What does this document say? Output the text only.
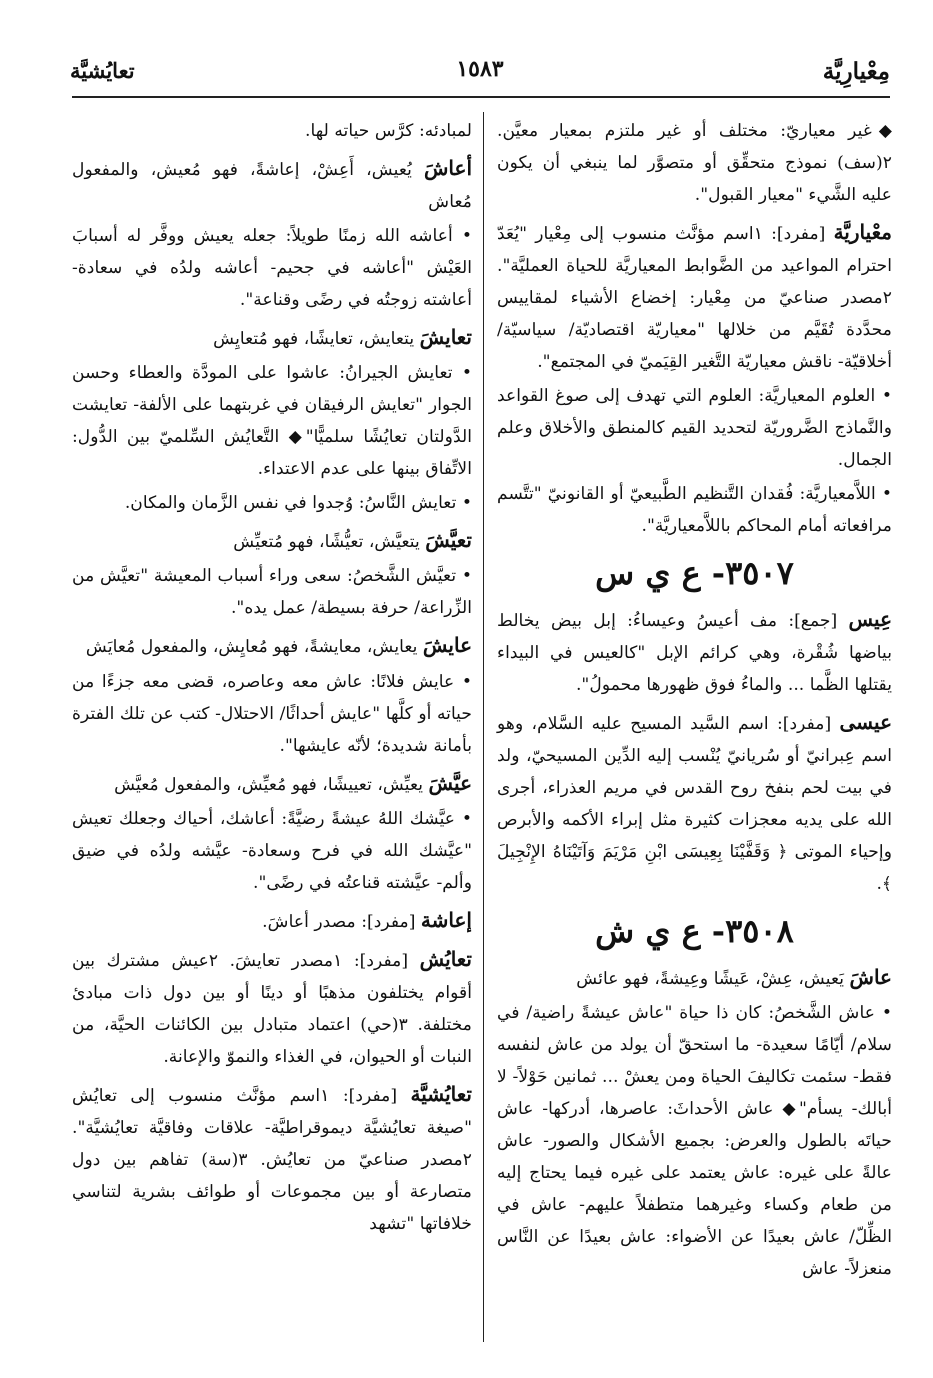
مِعْيارِيَّة
١٥٨٣
تعايُشيَّة
◆غير معياريّ: مختلف أو غير ملتزم بمعيار معيَّن. ٢(سف) نموذج متحقِّق أو متصوَّر لما ينبغي أن يكون عليه الشَّيء "معيار القبول".
معْياريَّة [مفرد]: ١اسم مؤنَّث منسوب إلى مِعْيار "يُعَدّ احترام المواعيد من الضَّوابط المعياريَّة للحياة العمليَّة". ٢مصدر صناعيّ من مِعْيار: إخضاع الأشياء لمقاييس محدَّدة تُقَيَّم من خلالها "معياريّة اقتصاديّة/ سياسيّة/ أخلاقيّة- ناقش معياريّة التَّغير القِيَميّ في المجتمع".
• العلوم المعياريَّة: العلوم التي تهدف إلى صوغ القواعد والنَّماذج الضَّروريّة لتحديد القيم كالمنطق والأخلاق وعلم الجمال.
• اللاَّمعياريَّة: فُقدان التَّنظيم الطَّبيعيّ أو القانونيّ "تتَّسم مرافعاته أمام المحاكم باللاَّمعياريَّة".
٣٥٠٧- ع ي س
عِيس [جمع]: مف أعيسُ وعيساءُ: إبل بيض يخالط بياضها شُقْرة، وهي كرائم الإبل "كالعيس في البيداء يقتلها الظَّما ... والماءُ فوق ظهورها محمولُ".
عيسى [مفرد]: اسم السَّيد المسيح عليه السَّلام، وهو اسم عِبرانيّ أو سُريانيّ يُنْسب إليه الدِّين المسيحيّ، ولد في بيت لحم بنفخ روح القدس في مريم العذراء، أجرى الله على يديه معجزات كثيرة مثل إبراء الأكمه والأبرص وإحياء الموتى ﴿ وَقَفَّيْنَا بِعِيسَى ابْنِ مَرْيَمَ وَآتَيْنَاهُ الإِنْجِيلَ ﴾.
٣٥٠٨- ع ي ش
عاشَ يَعيش، عِشْ، عَيشًا وعِيشةً، فهو عائش
• عاش الشَّخصُ: كان ذا حياة "عاش عيشةً راضية/ في سلام/ أيّامًا سعيدة- ما استحقّ أن يولد من عاش لنفسه فقط- سئمت تكاليفَ الحياة ومن يعشْ ... ثمانين حَوْلاً- لا أبالك- يسأم"◆ عاش الأحداثَ: عاصرها، أدركها- عاش حياتَه بالطول والعرض: بجميع الأشكال والصور- عاش عالةً على غيره: عاش يعتمد على غيره فيما يحتاج إليه من طعام وكساء وغيرهما متطفلاً عليهم- عاش في الظِّلّ/ عاش بعيدًا عن الأضواء: عاش بعيدًا عن النَّاس منعزلاً- عاش
لمبادئه: كرَّس حياته لها.
أعاشَ يُعيش، أَعِشْ، إعاشةً، فهو مُعيش، والمفعول مُعاش
• أعاشه الله زمنًا طويلاً: جعله يعيش ووفَّر له أسبابَ العَيْش "أعاشه في جحيم- أعاشه ولدُه في سعادة- أعاشته زوجتُه في رضًى وقناعة".
تعايشَ يتعايش، تعايشًا، فهو مُتعايِش
• تعايش الجيرانُ: عاشوا على المودَّة والعطاء وحسن الجوار "تعايش الرفيقان في غربتهما على الألفة- تعايشت الدَّولتان تعايُشًا سلميًّا"◆ التَّعايُش السِّلميّ بين الدُّول: الاتِّفاق بينها على عدم الاعتداء.
• تعايش النَّاسُ: وُجدوا في نفس الزَّمان والمكان.
تعيَّشَ يتعيَّش، تعيُّشًا، فهو مُتعيِّش
• تعيَّش الشَّخصُ: سعى وراء أسباب المعيشة "تعيَّش من الزِّراعة/ حرفة بسيطة/ عمل يده".
عايشَ يعايش، معايشةً، فهو مُعايِش، والمفعول مُعايَش
• عايش فلانًا: عاش معه وعاصره، قضى معه جزءًا من حياته أو كلَّها "عايش أحداثًا/ الاحتلال- كتب عن تلك الفترة بأمانة شديدة؛ لأنّه عايشها".
عيَّشَ يعيِّش، تعييشًا، فهو مُعيِّش، والمفعول مُعيَّش
• عيَّشك اللهُ عيشةً رضيَّةً: أعاشك، أحياك وجعلك تعيش "عيَّشك الله في فرح وسعادة- عيَّشه ولدُه في ضيق وألم- عيَّشته قناعتُه في رضًى".
إعاشة [مفرد]: مصدر أعاشَ.
تعايُش [مفرد]: ١مصدر تعايشَ. ٢عيش مشترك بين أقوام يختلفون مذهبًا أو دينًا أو بين دول ذات مبادئ مختلفة. ٣(حي) اعتماد متبادل بين الكائنات الحيَّة، من النبات أو الحيوان، في الغذاء والنموّ والإعانة.
تعايُشيَّة [مفرد]: ١اسم مؤنَّث منسوب إلى تعايُش "صيغة تعايُشيَّة ديموقراطيَّة- علاقات وفاقيَّة تعايُشيَّة". ٢مصدر صناعيّ من تعايُش. ٣(سة) تفاهم بين دول متصارعة أو بين مجموعات أو طوائف بشرية لتناسي خلافاتها "تشهد
